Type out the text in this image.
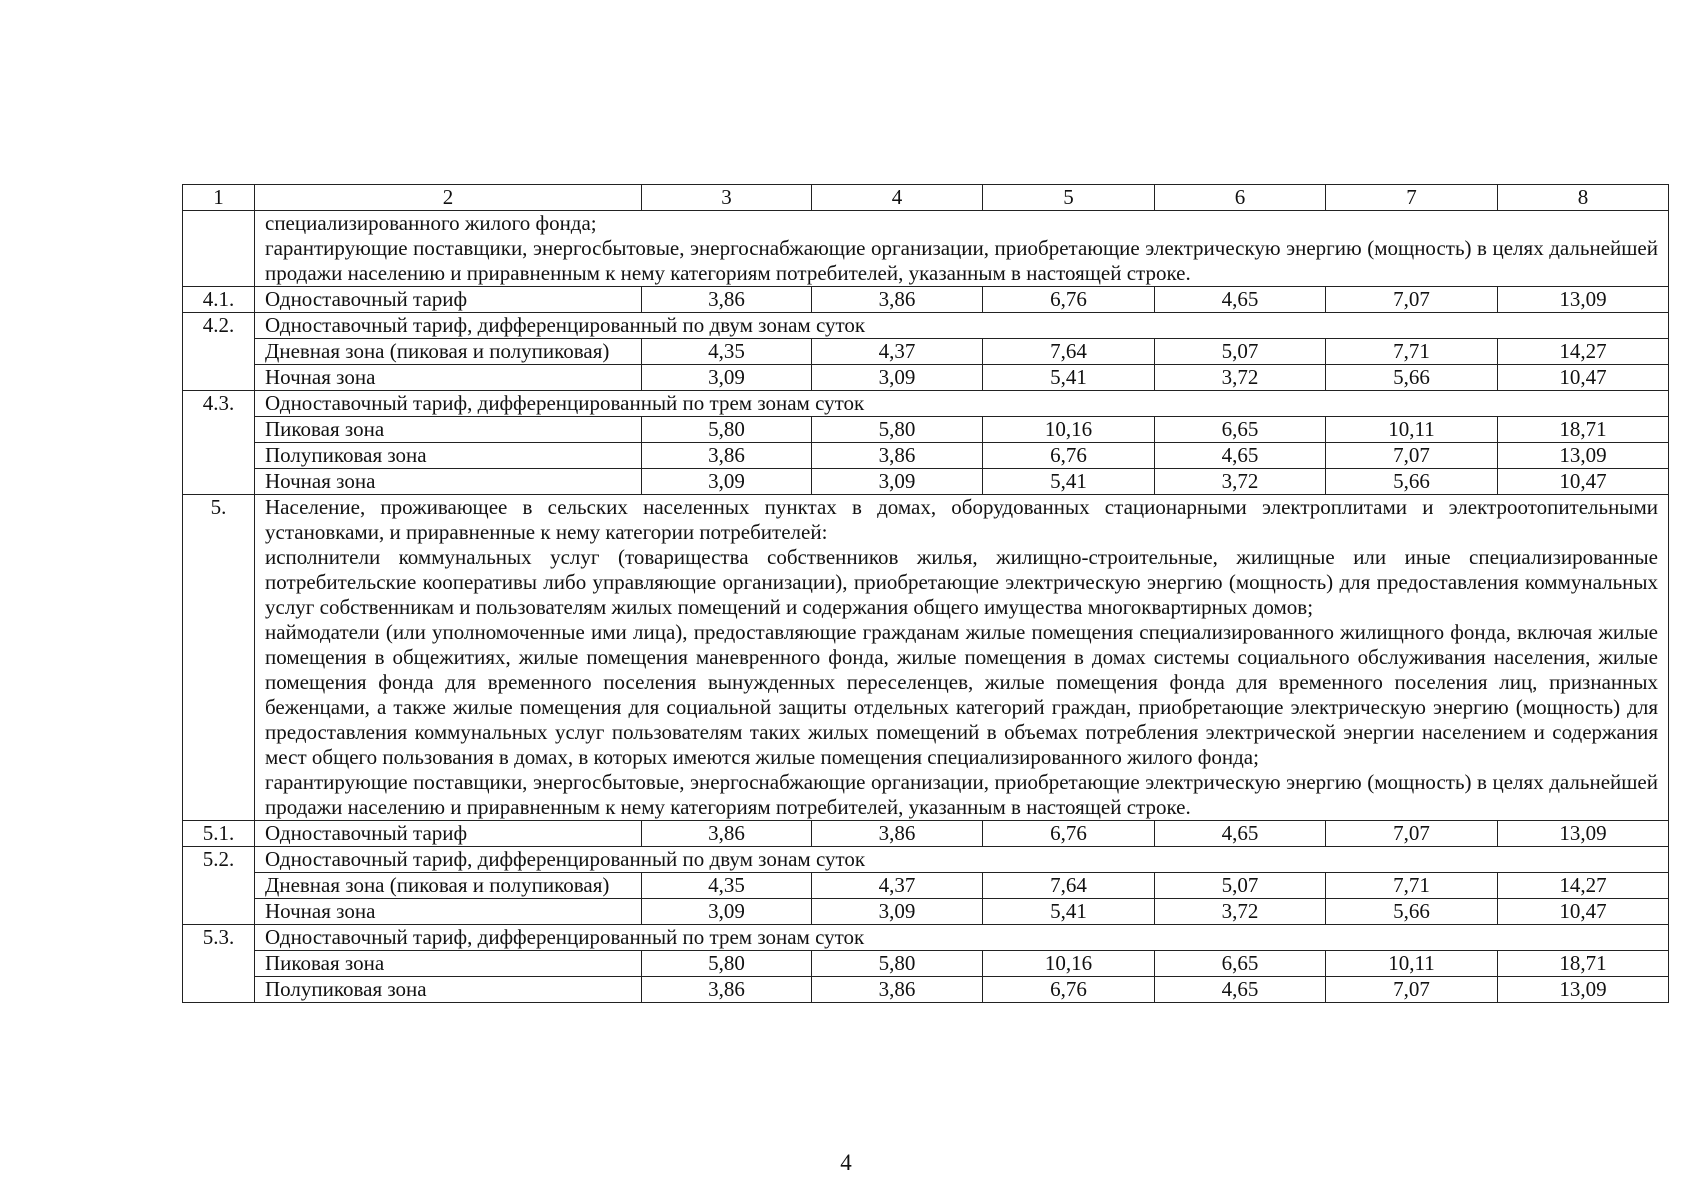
1	2	3	4	5	6	7	8

	специализированного жилого фонда;

гарантирующие поставщики, энергосбытовые, энергоснабжающие организации, приобретающие электрическую энергию (мощность) в целях дальнейшей продажи населению и приравненным к нему категориям потребителей, указанным в настоящей строке.						

4.1.	Одноставочный тариф	3,86	3,86	6,76	4,65	7,07	13,09
4.2.	Одноставочный тариф, дифференцированный по двум зонам суток						
	Дневная зона (пиковая и полупиковая)	4,35	4,37	7,64	5,07	7,71	14,27
	Ночная зона	3,09	3,09	5,41	3,72	5,66	10,47
4.3.	Одноставочный тариф, дифференцированный по трем зонам суток						
	Пиковая зона	5,80	5,80	10,16	6,65	10,11	18,71
	Полупиковая зона	3,86	3,86	6,76	4,65	7,07	13,09
	Ночная зона	3,09	3,09	5,41	3,72	5,66	10,47
5.	Население, проживающее в сельских населенных пунктах в домах, оборудованных стационарными электроплитами и электроотопительными установками, и приравненные к нему категории потребителей:

исполнители коммунальных услуг (товарищества собственников жилья, жилищно-строительные, жилищные или иные специализированные потребительские кооперативы либо управляющие организации), приобретающие электрическую энергию (мощность) для предоставления коммунальных услуг собственникам и пользователям жилых помещений и содержания общего имущества многоквартирных домов;

наймодатели (или уполномоченные ими лица), предоставляющие гражданам жилые помещения специализированного жилищного фонда, включая жилые помещения в общежитиях, жилые помещения маневренного фонда, жилые помещения в домах системы социального обслуживания населения, жилые помещения фонда для временного поселения вынужденных переселенцев, жилые помещения фонда для временного поселения лиц, признанных беженцами, а также жилые помещения для социальной защиты отдельных категорий граждан, приобретающие электрическую энергию (мощность) для предоставления коммунальных услуг пользователям таких жилых помещений в объемах потребления электрической энергии населением и содержания мест общего пользования в домах, в которых имеются жилые помещения специализированного жилого фонда;

гарантирующие поставщики, энергосбытовые, энергоснабжающие организации, приобретающие электрическую энергию (мощность) в целях дальнейшей продажи населению и приравненным к нему категориям потребителей, указанным в настоящей строке.						

5.1.	Одноставочный тариф	3,86	3,86	6,76	4,65	7,07	13,09
5.2.	Одноставочный тариф, дифференцированный по двум зонам суток						
	Дневная зона (пиковая и полупиковая)	4,35	4,37	7,64	5,07	7,71	14,27
	Ночная зона	3,09	3,09	5,41	3,72	5,66	10,47
5.3.	Одноставочный тариф, дифференцированный по трем зонам суток						
	Пиковая зона	5,80	5,80	10,16	6,65	10,11	18,71
	Полупиковая зона	3,86	3,86	6,76	4,65	7,07	13,09
4
